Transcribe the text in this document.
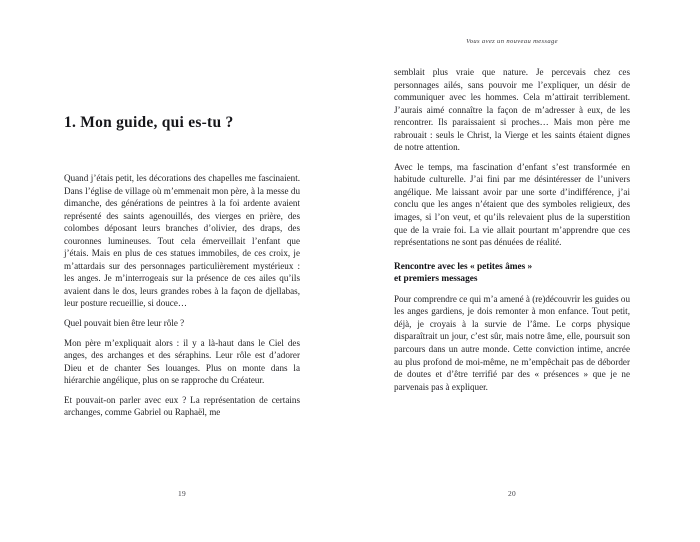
1. Mon guide, qui es-tu ?

Quand j’étais petit, les décorations des chapelles me fascinaient. Dans l’église de village où m’emmenait mon père, à la messe du dimanche, des générations de peintres à la foi ardente avaient représenté des saints agenouillés, des vierges en prière, des colombes déposant leurs branches d’olivier, des draps, des couronnes lumineuses. Tout cela émerveillait l’enfant que j’étais. Mais en plus de ces statues immobiles, de ces croix, je m’attardais sur des personnages particulièrement mystérieux : les anges. Je m’interrogeais sur la présence de ces ailes qu’ils avaient dans le dos, leurs grandes robes à la façon de djellabas, leur posture recueillie, si douce…

Quel pouvait bien être leur rôle ?

Mon père m’expliquait alors : il y a là-haut dans le Ciel des anges, des archanges et des séraphins. Leur rôle est d’adorer Dieu et de chanter Ses louanges. Plus on monte dans la hiérarchie angélique, plus on se rapproche du Créateur.

Et pouvait-on parler avec eux ? La représentation de certains archanges, comme Gabriel ou Raphaël, me

19
Vous avez un nouveau message

semblait plus vraie que nature. Je percevais chez ces personnages ailés, sans pouvoir me l’expliquer, un désir de communiquer avec les hommes. Cela m’attirait terriblement. J’aurais aimé connaître la façon de m’adresser à eux, de les rencontrer. Ils paraissaient si proches… Mais mon père me rabrouait : seuls le Christ, la Vierge et les saints étaient dignes de notre attention.

Avec le temps, ma fascination d’enfant s’est transformée en habitude culturelle. J’ai fini par me désintéresser de l’univers angélique. Me laissant avoir par une sorte d’indifférence, j’ai conclu que les anges n’étaient que des symboles religieux, des images, si l’on veut, et qu’ils relevaient plus de la superstition que de la vraie foi. La vie allait pourtant m’apprendre que ces représentations ne sont pas dénuées de réalité.

Rencontre avec les « petites âmes »
et premiers messages

Pour comprendre ce qui m’a amené à (re)découvrir les guides ou les anges gardiens, je dois remonter à mon enfance. Tout petit, déjà, je croyais à la survie de l’âme. Le corps physique disparaîtrait un jour, c’est sûr, mais notre âme, elle, poursuit son parcours dans un autre monde. Cette conviction intime, ancrée au plus profond de moi-même, ne m’empêchait pas de déborder de doutes et d’être terrifié par des « présences » que je ne parvenais pas à expliquer.

20
